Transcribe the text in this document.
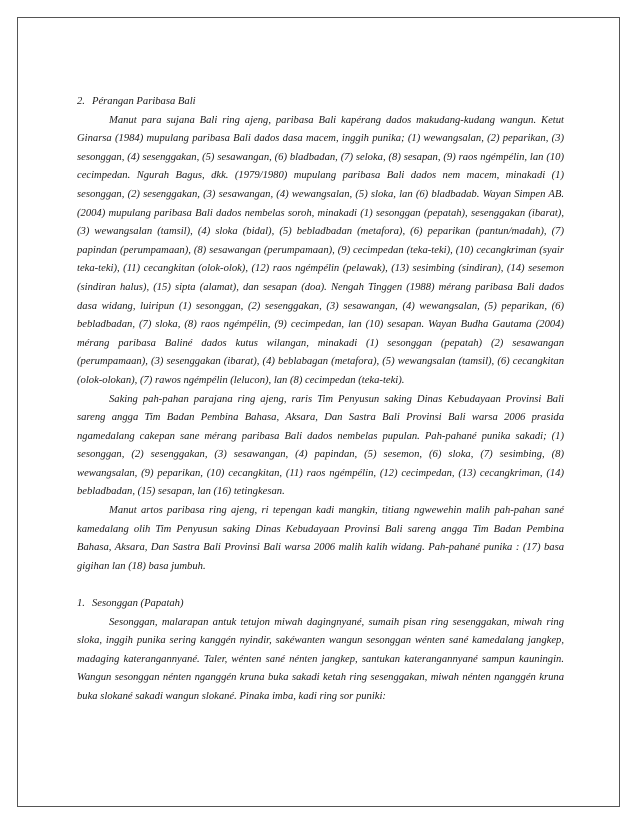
2. Pérangan Paribasa Bali

Manut para sujana Bali ring ajeng, paribasa Bali kapérang dados makudang-kudang wangun. Ketut Ginarsa (1984) mupulang paribasa Bali dados dasa macem, inggih punika; (1) wewangsalan, (2) peparikan, (3) sesonggan, (4) sesenggakan, (5) sesawangan, (6) bladbadan, (7) seloka, (8) sesapan, (9) raos ngémpélin, lan (10) cecimpedan. Ngurah Bagus, dkk. (1979/1980) mupulang paribasa Bali dados nem macem, minakadi (1) sesonggan, (2) sesenggakan, (3) sesawangan, (4) wewangsalan, (5) sloka, lan (6) bladbadab. Wayan Simpen AB. (2004) mupulang paribasa Bali dados nembelas soroh, minakadi (1) sesonggan (pepatah), sesenggakan (ibarat), (3) wewangsalan (tamsil), (4) sloka (bidal), (5) bebladbadan (metafora), (6) peparikan (pantun/madah), (7) papindan (perumpamaan), (8) sesawangan (perumpamaan), (9) cecimpedan (teka-teki), (10) cecangkriman (syair teka-teki), (11) cecangkitan (olok-olok), (12) raos ngémpélin (pelawak), (13) sesimbing (sindiran), (14) sesemon (sindiran halus), (15) sipta (alamat), dan sesapan (doa). Nengah Tinggen (1988) mérang paribasa Bali dados dasa widang, luiripun (1) sesonggan, (2) sesenggakan, (3) sesawangan, (4) wewangsalan, (5) peparikan, (6) bebladbadan, (7) sloka, (8) raos ngémpélin, (9) cecimpedan, lan (10) sesapan. Wayan Budha Gautama (2004) mérang paribasa Baliné dados kutus wilangan, minakadi (1) sesonggan (pepatah) (2) sesawangan (perumpamaan), (3) sesenggakan (ibarat), (4) beblabagan (metafora), (5) wewangsalan (tamsil), (6) cecangkitan (olok-olokan), (7) rawos ngémpélin (lelucon), lan (8) cecimpedan (teka-teki).

Saking pah-pahan parajana ring ajeng, raris Tim Penyusun saking Dinas Kebudayaan Provinsi Bali sareng angga Tim Badan Pembina Bahasa, Aksara, Dan Sastra Bali Provinsi Bali warsa 2006 prasida ngamedalang cakepan sane mérang paribasa Bali dados nembelas pupulan. Pah-pahané punika sakadi; (1) sesonggan, (2) sesenggakan, (3) sesawangan, (4) papindan, (5) sesemon, (6) sloka, (7) sesimbing, (8) wewangsalan, (9) peparikan, (10) cecangkitan, (11) raos ngémpélin, (12) cecimpedan, (13) cecangkriman, (14) bebladbadan, (15) sesapan, lan (16) tetingkesan.

Manut artos paribasa ring ajeng, ri tepengan kadi mangkin, titiang ngwewehin malih pah-pahan sané kamedalang olih Tim Penyusun saking Dinas Kebudayaan Provinsi Bali sareng angga Tim Badan Pembina Bahasa, Aksara, Dan Sastra Bali Provinsi Bali warsa 2006 malih kalih widang. Pah-pahané punika : (17) basa gigihan lan (18) basa jumbuh.

1. Sesonggan (Papatah)

Sesonggan, malarapan antuk tetujon miwah dagingnyané, sumaih pisan ring sesenggakan, miwah ring sloka, inggih punika sering kanggén nyindir, sakéwanten wangun sesonggan wénten sané kamedalang jangkep, madaging katerangannyané. Taler, wénten sané nénten jangkep, santukan katerangannyané sampun kauningin. Wangun sesonggan nénten nganggén kruna buka sakadi ketah ring sesenggakan, miwah nénten nganggén kruna buka slokané sakadi wangun slokané. Pinaka imba, kadi ring sor puniki:
